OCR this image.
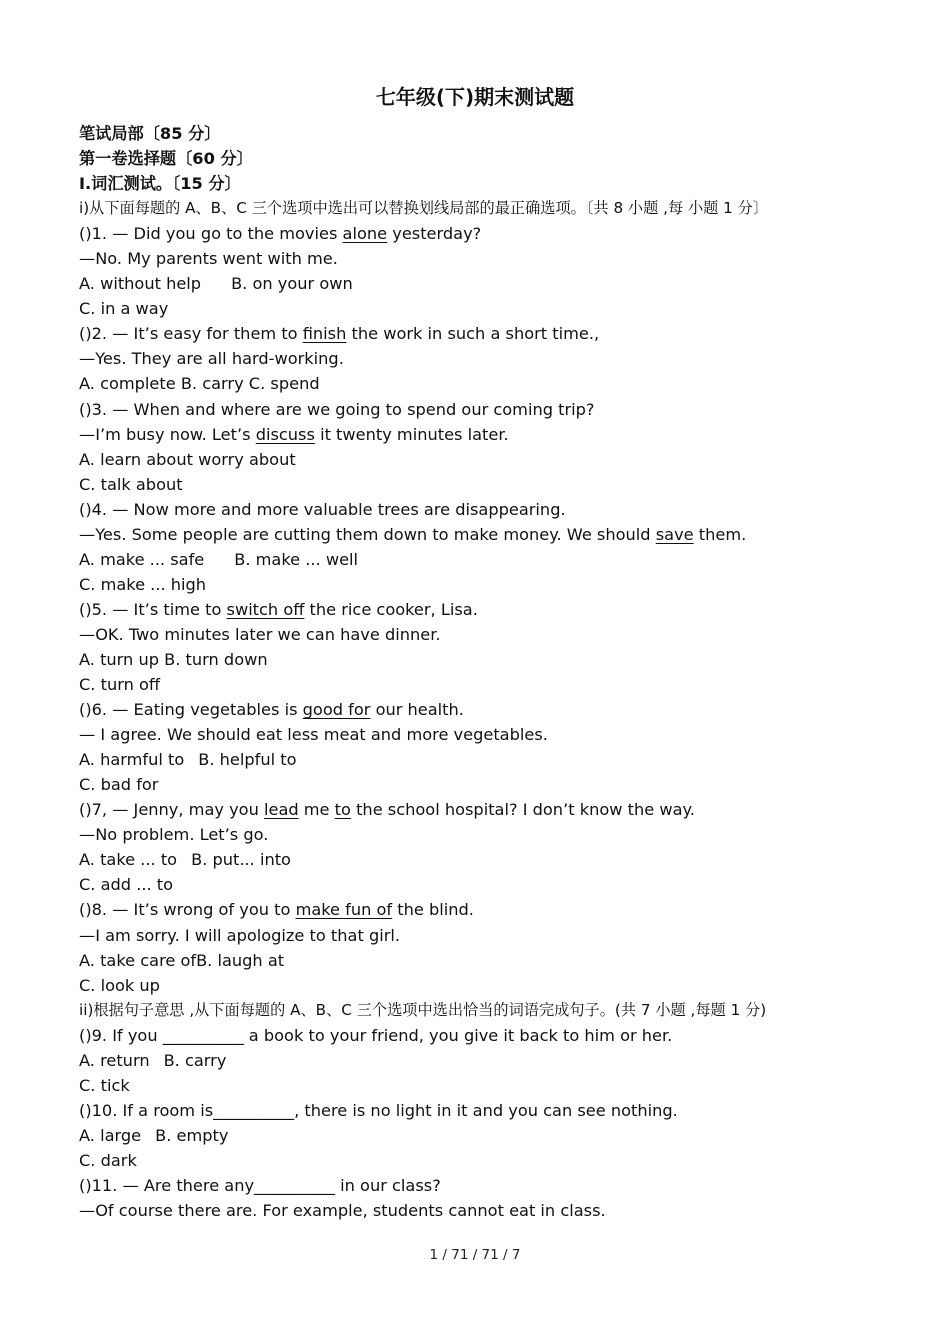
七年级(下)期末测试题
笔试局部〔85 分〕
第一卷选择题〔60 分〕
I.词汇测试。〔15 分〕
i)从下面每题的 A、B、C 三个选项中选出可以替换划线局部的最正确选项。〔共 8 小题 ,每 小题 1 分〕
()1. — Did you go to the movies alone yesterday?
—No. My parents went with me.
A. without help B. on your own
C. in a way
()2. — It’s easy for them to finish the work in such a short time.,
—Yes. They are all hard-working.
A. complete B. carry C. spend
()3. — When and where are we going to spend our coming trip?
—I’m busy now. Let’s discuss it twenty minutes later.
A. learn about worry about
C. talk about
()4. — Now more and more valuable trees are disappearing.
—Yes. Some people are cutting them down to make money. We should save them.
A. make ... safe B. make ... well
C. make ... high
()5. — It’s time to switch off the rice cooker, Lisa.
—OK. Two minutes later we can have dinner.
A. turn up B. turn down
C. turn off
()6. — Eating vegetables is good for our health.
— I agree. We should eat less meat and more vegetables.
A. harmful to B. helpful to
C. bad for
()7, — Jenny, may you lead me to the school hospital? I don’t know the way.
—No problem. Let’s go.
A. take ... to B. put... into
C. add ... to
()8. — It’s wrong of you to make fun of the blind.
—I am sorry. I will apologize to that girl.
A. take care ofB. laugh at
C. look up
ii)根据句子意思 ,从下面每题的 A、B、C 三个选项中选出恰当的词语完成句子。(共 7 小题 ,每题 1 分)
()9. If you __________ a book to your friend, you give it back to him or her.
A. return B. carry
C. tick
()10. If a room is__________, there is no light in it and you can see nothing.
A. large B. empty
C. dark
()11. — Are there any__________ in our class?
—Of course there are. For example, students cannot eat in class.
1 / 71 / 71 / 7
